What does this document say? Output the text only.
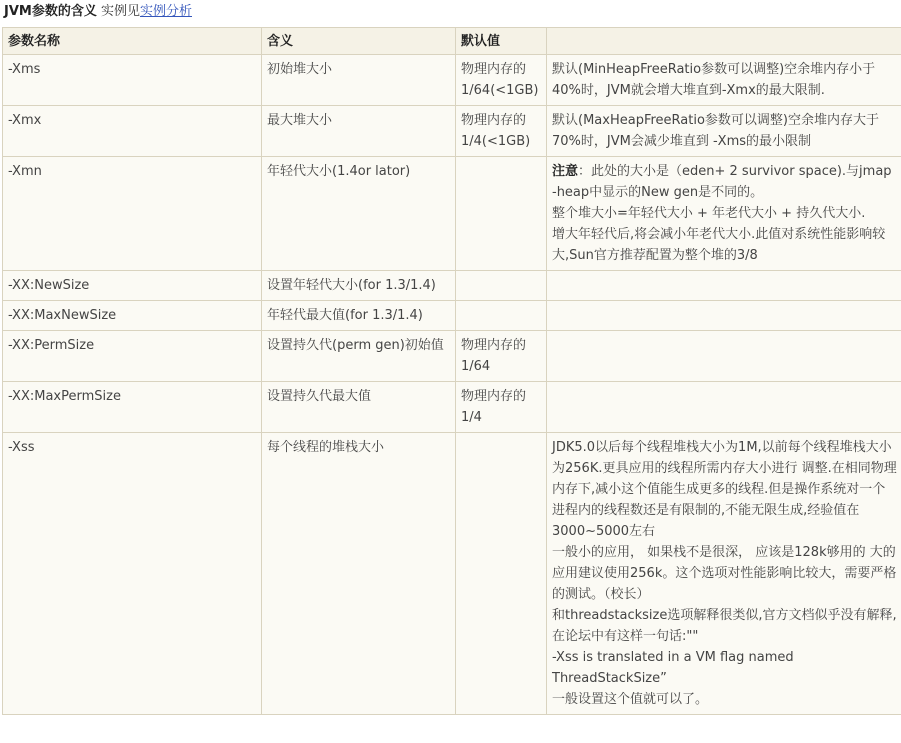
JVM参数的含义 实例见实例分析
参数名称	含义	默认值	
-Xms	初始堆大小	物理内存的1/64(<1GB)	默认(MinHeapFreeRatio参数可以调整)空余堆内存小于40%时，JVM就会增大堆直到-Xmx的最大限制.

-Xmx	最大堆大小	物理内存的1/4(<1GB)	默认(MaxHeapFreeRatio参数可以调整)空余堆内存大于70%时，JVM会减少堆直到 -Xms的最小限制

-Xmn	年轻代大小(1.4or lator)		注意：此处的大小是（eden+ 2 survivor space).与jmap -heap中显示的New gen是不同的。
整个堆大小=年轻代大小 + 年老代大小 + 持久代大小.
增大年轻代后,将会减小年老代大小.此值对系统性能影响较大,Sun官方推荐配置为整个堆的3/8

-XX:NewSize	设置年轻代大小(for 1.3/1.4)		
-XX:MaxNewSize	年轻代最大值(for 1.3/1.4)		
-XX:PermSize	设置持久代(perm gen)初始值	物理内存的1/64	
-XX:MaxPermSize	设置持久代最大值	物理内存的1/4	
-Xss	每个线程的堆栈大小		JDK5.0以后每个线程堆栈大小为1M,以前每个线程堆栈大小为256K.更具应用的线程所需内存大小进行 调整.在相同物理内存下,减小这个值能生成更多的线程.但是操作系统对一个进程内的线程数还是有限制的,不能无限生成,经验值在3000~5000左右
一般小的应用， 如果栈不是很深， 应该是128k够用的 大的应用建议使用256k。这个选项对性能影响比较大，需要严格的测试。（校长）
和threadstacksize选项解释很类似,官方文档似乎没有解释,在论坛中有这样一句话:""
-Xss is translated in a VM flag named ThreadStackSize”
一般设置这个值就可以了。
